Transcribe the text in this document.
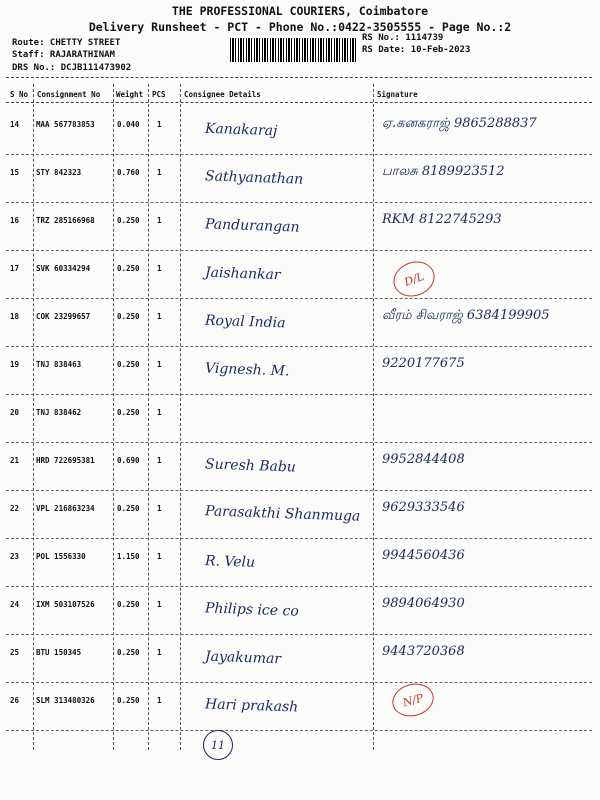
THE PROFESSIONAL COURIERS, Coimbatore
Delivery Runsheet - PCT - Phone No.:0422-3505555 - Page No.:2
Route: CHETTY STREET
Staff: RAJARATHINAM
DRS No.: DCJB111473902
RS No.: 1114739
RS Date: 10-Feb-2023
S No Consignment No Weight PCS Consignee Details	Signature
14 MAA 567783853	0.040 1	Kanakaraj	ஏ.கனகராஜ் 9865288837
15 STY 842323	0.760 1	Sathyanathan	பாலசு 8189923512
16 TRZ 285166968	0.250 1	Pandurangan	RKM 8122745293
17 SVK 60334294	0.250 1	Jaishankar
18 COK 23299657	0.250 1	Royal India	வீரம் சிவராஜ் 6384199905
19 TNJ 838463	0.250 1	Vignesh. M.	9220177675
20 TNJ 838462	0.250 1
21 HRD 722695381	0.690 1	Suresh Babu	9952844408
22 VPL 216863234	0.250 1	Parasakthi Shanmuga 9629333546
23 POL 1556330	1.150 1	R. Velu	9944560436
24 IXM 503107526	0.250 1	Philips ice co	9894064930
25 BTU 150345	0.250 1	Jayakumar	9443720368
26 SLM 313480326	0.250 1	Hari prakash
D/L
N/P
11
